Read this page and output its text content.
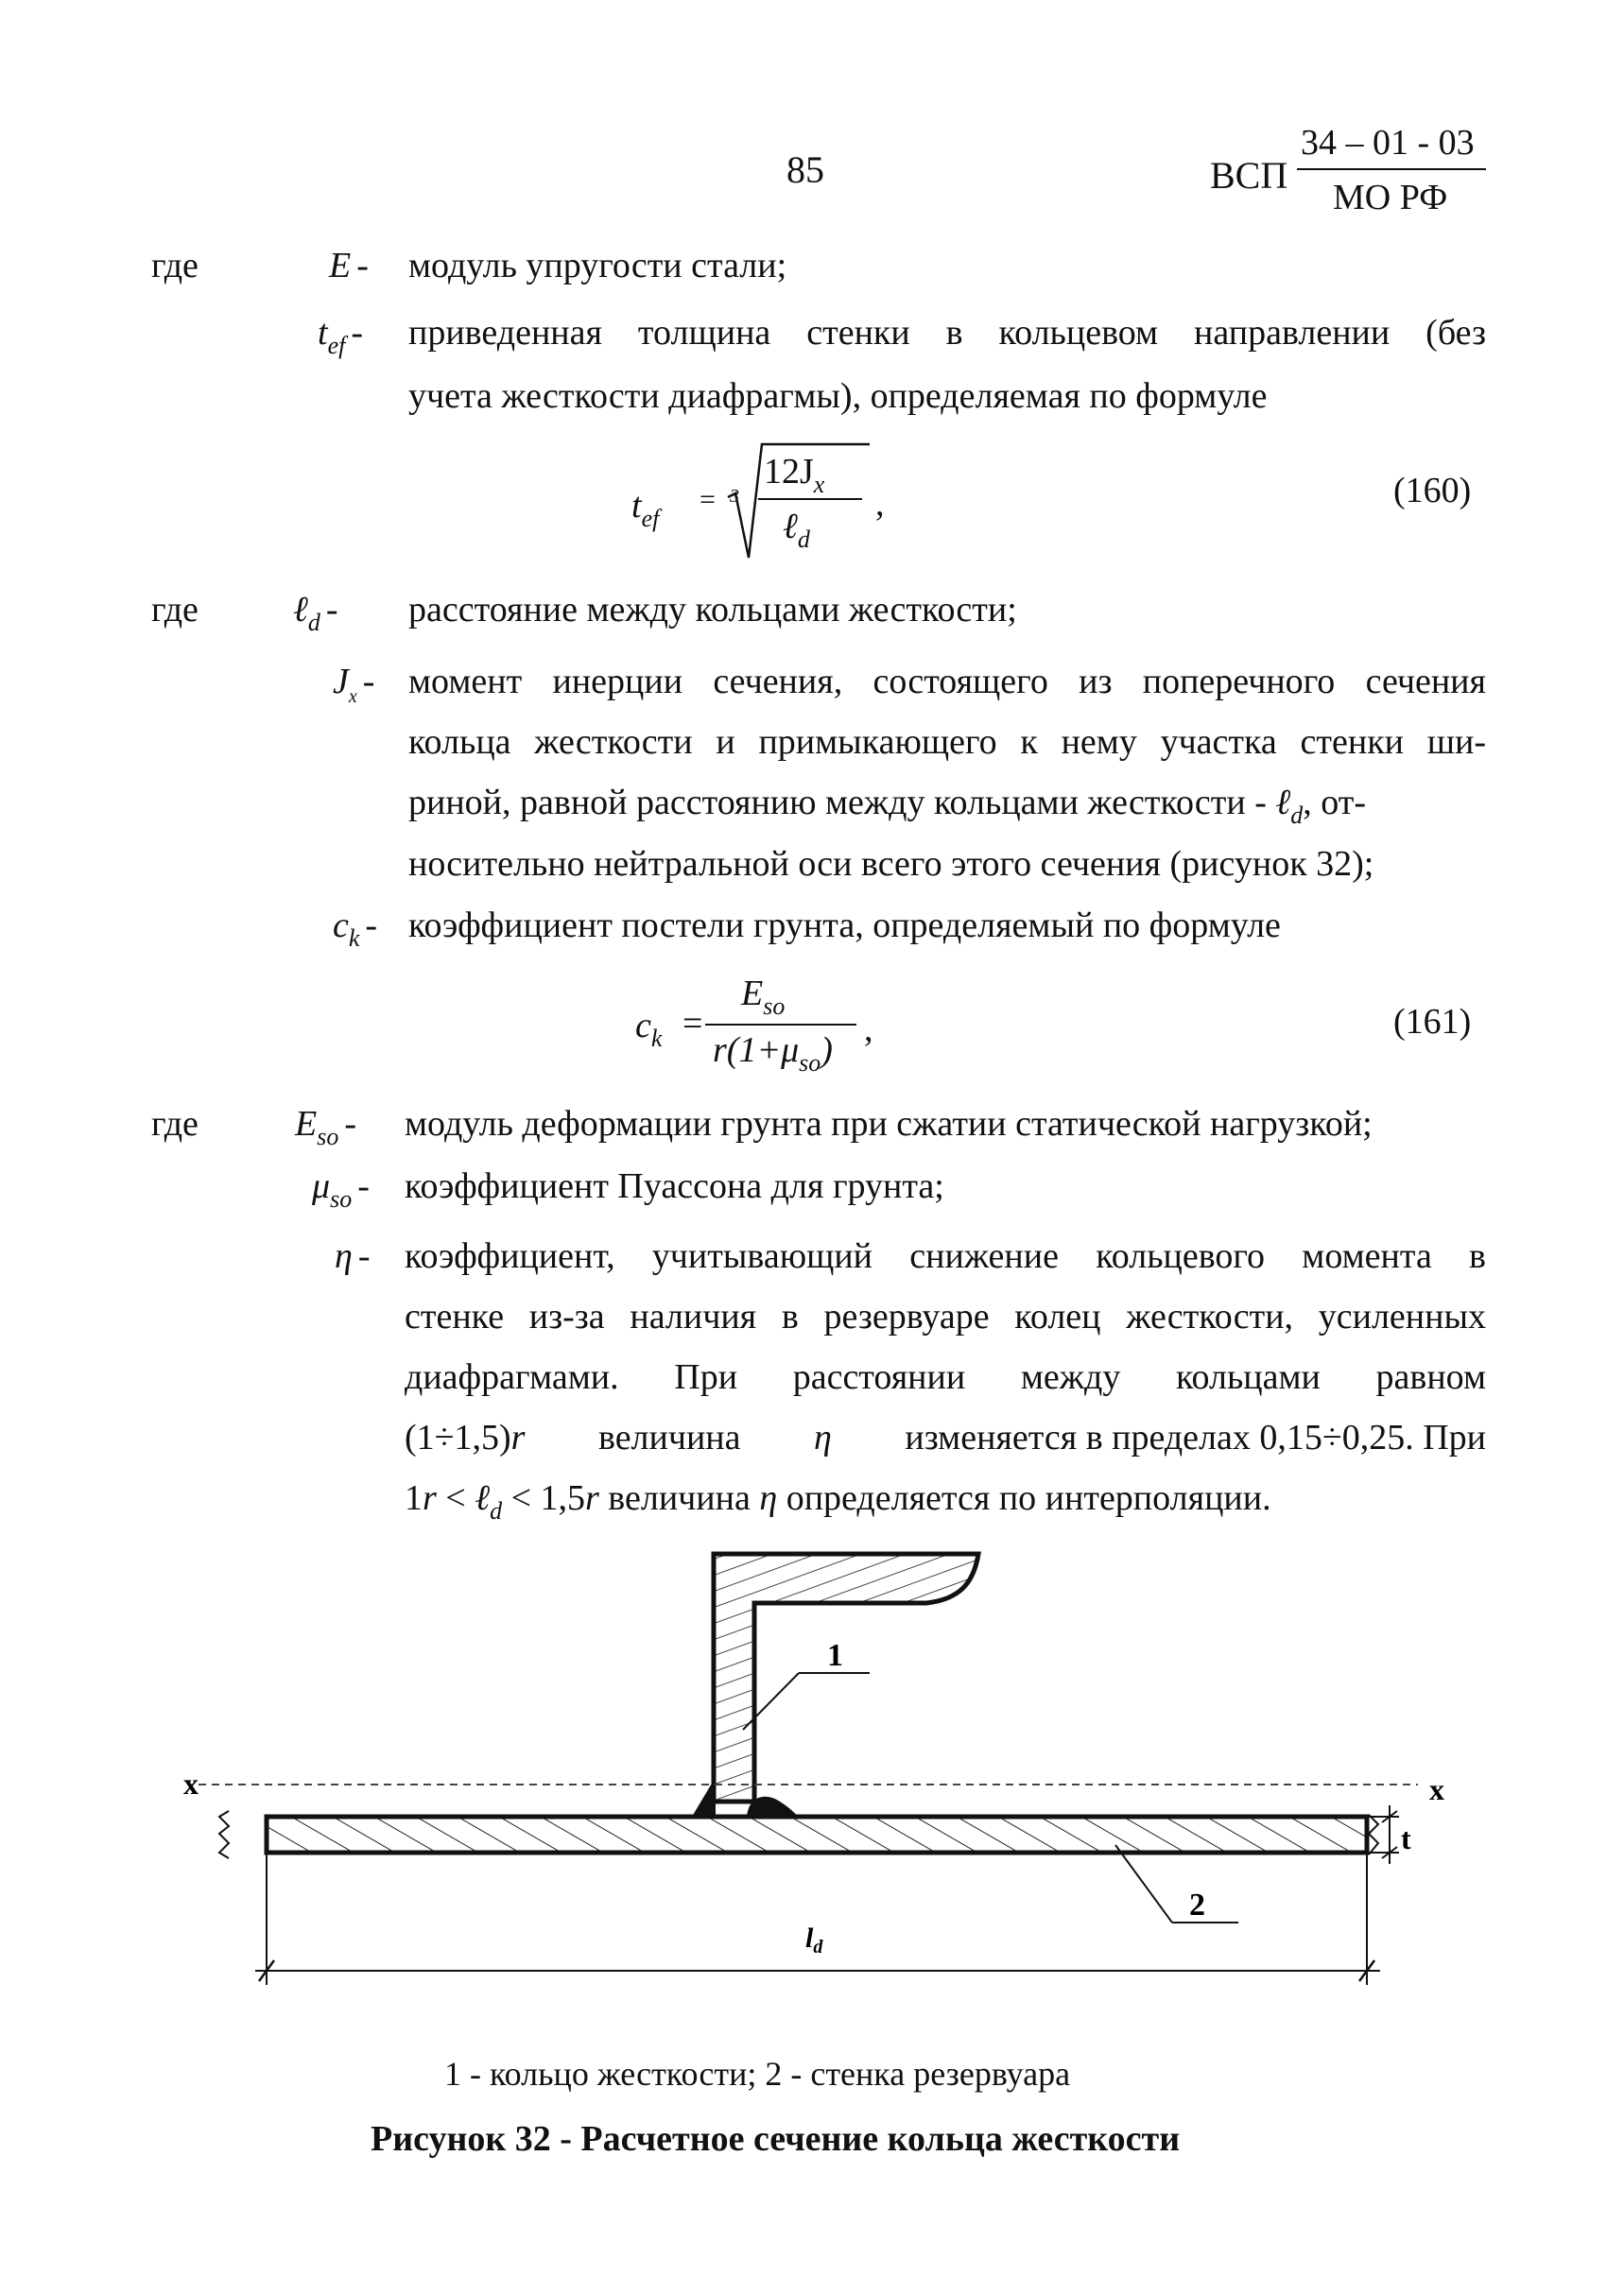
85	ВСП
34 – 01 - 03
МО РФ
где	E - модуль упругости стали;
$t_{ef}$ - приведенная толщина стенки в кольцевом направлении (без
учета жесткости диафрагмы), определяемая по формуле
$t_{ef}$
= 3
$12J_x$
ℓ$_d$
,	(160)
где	ℓ$_d$ - расстояние между кольцами жесткости;
$J_x$ - момент инерции сечения, состоящего из поперечного сечения
кольца жесткости и примыкающего к нему участка стенки ши-
риной, равной расстоянию между кольцами жесткости - ℓ$_d$, от-
носительно нейтральной оси всего этого сечения (рисунок 32);
$c_k$ - коэффициент постели грунта, определяемый по формуле
$c_k$ =
$E_{so}$
$r(1+\mu_{so})$
,	(161)
где	$E_{so}$ - модуль деформации грунта при сжатии статической нагрузкой;
$\mu_{so}$ - коэффициент Пуассона для грунта;
η - коэффициент, учитывающий снижение кольцевого момента в
стенке из-за наличия в резервуаре колец жесткости, усиленных
диафрагмами. При расстоянии между кольцами равном
(1÷1,5)r величина η изменяется в пределах 0,15÷0,25. При
1r < ℓ$_d$ < 1,5r величина η определяется по интерполяции.
x	x
t
1
2
$l_d$
1 - кольцо жесткости; 2 - стенка резервуара
Рисунок 32 - Расчетное сечение кольца жесткости
